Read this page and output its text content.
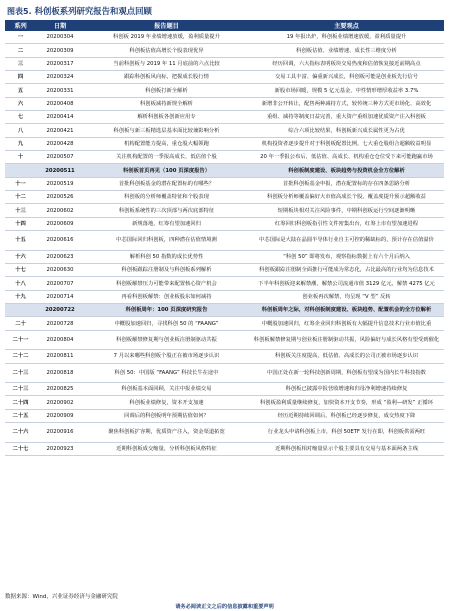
图表5. 科创板系列研究报告和观点回顾
系列	日期	报告题目	主要观点
一	20200304	科创板 2019 年业绩增速放缓，盈利质量提升	19 年报出炉，科创板业绩增速放缓，盈利质量提升
二	20200309	科创板估值高增长个股表现优异	科创板估值、业绩增速、成长性三维度分析
三	20200317	当前科创板与 2019 年 11 月底前的六点比较	经历回调，六大指标表明板块交易热度和估值恢复接近前期高点
四	20200324	跟踪科创板风向标，把握成长股行情	交易工具丰富、偏重新兴成长，科创板可能是创业板先行信号
五	20200331	科创板打新全解析	新股市场回暖，规模 5 亿元基金，中性情形增厚收益率 3.7%
六	20200408	科创板减持新规全解析	新增非公开转让，配售两种减持方式，较传统三种方式更市场化、高效化
七	20200414	解析科创板各创新应用专	重组、减持等制度日益完善，重大资产重组加速优质资产注入科创板
八	20200421	科创板与新三板精选层基本面比较兼影响分析	综合六项比较结果，科创板新兴成长属性更为占优
九	20200428	机构配置能力提高，重仓股大幅领跑	机构投资者逐步提升对于科创板配置比例，七大重仓股组合超额收益明显
十	20200507	关注机构配置的一季报高成长、低估值个股	20 年一季报公布后，低估值、高成长、机构重仓仓位受下来可能跑赢市场
	20200511	科创板首页再见（100 页深度报告）	科创板制度建设、板块趋势与投资机会全方位解析
十一	20200519	首批科创板基金的潜在配置标的有哪些？	首批科创板基金申报，潜在配置标的存在四条思路分析
十二	20200526	科创板的分析师覆盖特征和个股表现	科创板分析师覆盖偏好大市值高成长个股，覆盖度提升预示超额收益
十三	20200602	科创板系统性的三次顶部与两次底部特征	短期板块相对关注风险事件，中期科创板运行空间逐渐明晰
十四	20200609	新规落地，红筹有望加速回归	红筹回归科创板指引性文件密集出台，红筹上市有望加速进程
十五	20200616	中芯国际回归科创板，四种潜在估值情境测	中芯国际是大陆在晶圆半导体行业自主可控的稀缺标的，预计存在估值溢价
十六	20200623	解析科创 50 指数的成长优势性	“科创 50” 即将发布，观察指标数据上有六个月后纳入
十七	20200630	科创板跟踪注册制及与科创板系列解析	科创板跟踪注册制全面推行可能成为常态化，占比最高的行业均为信息技术
十八	20200707	科创板解禁压力可能带来配置核心资产机会	下半年科创板迎来解禁潮，解禁公司流通市值 3129 亿元，解禁 4275 亿元
十九	20200714	再看科创板解禁：创业板股东如何减持	创业板再次解禁，均呈现 “V 型” 反转
	20200722	科创板周年：100 页深度研究报告	科创板周年之际，对科创板制度建设、板块趋势、配置机会的全方位解析
二十	20200728	中概股加速回归，寻找科创 50 的 “FAANG”	中概股加速回归，红筹企业回归科创板有大幅提升信息技术行业市值比重
二十一	20200804	科创板解禁修复期与创业板注册制驱动共振	科创板解禁修复期与创业板注册制驱动共振，风险偏好与成长风格有望受到催化
二十二	20200811	7 月以来哪些科创板个股正在被市场逐步认识	科创板关注度提高，低估值、高成长的公司正被市场逐步认识
二十三	20200818	科创 50：中国版 “FAANG” 科技长牛在途中	中国正处在新一轮科技创新周期，科创板有望成为国内长牛科技指数
二十三	20200825	科创板基本面回顾，关注中报业绩交易	科创板已披露中报营收增速和归母净利增速持续修复
二十四	20200902	科创板业绩修复，资本开支加速	科创板盈利质量继续修复，加快资本开支节奏，形成 “盈利—研发” 正循环
二十五	20200909	回调后的科创板明年预期估值如何？	经历近期持续回调后，科创板已经逐步修复，成交热度下降
二十六	20200916	聚焦科创板扩容期，优质资产注入，资金渠道拓宽	行业龙头申请科创板上市，科创 50ETF 发行在即，科创板供需两旺
二十七	20200923	近期科创板成交缩量，分析科创板风格特征	近期科创板相对缩量显示个股主要具有交易与基本面两条主线
数据来源：Wind，兴业证券经济与金融研究院
请务必阅读正文之后的信息披露和重要声明
